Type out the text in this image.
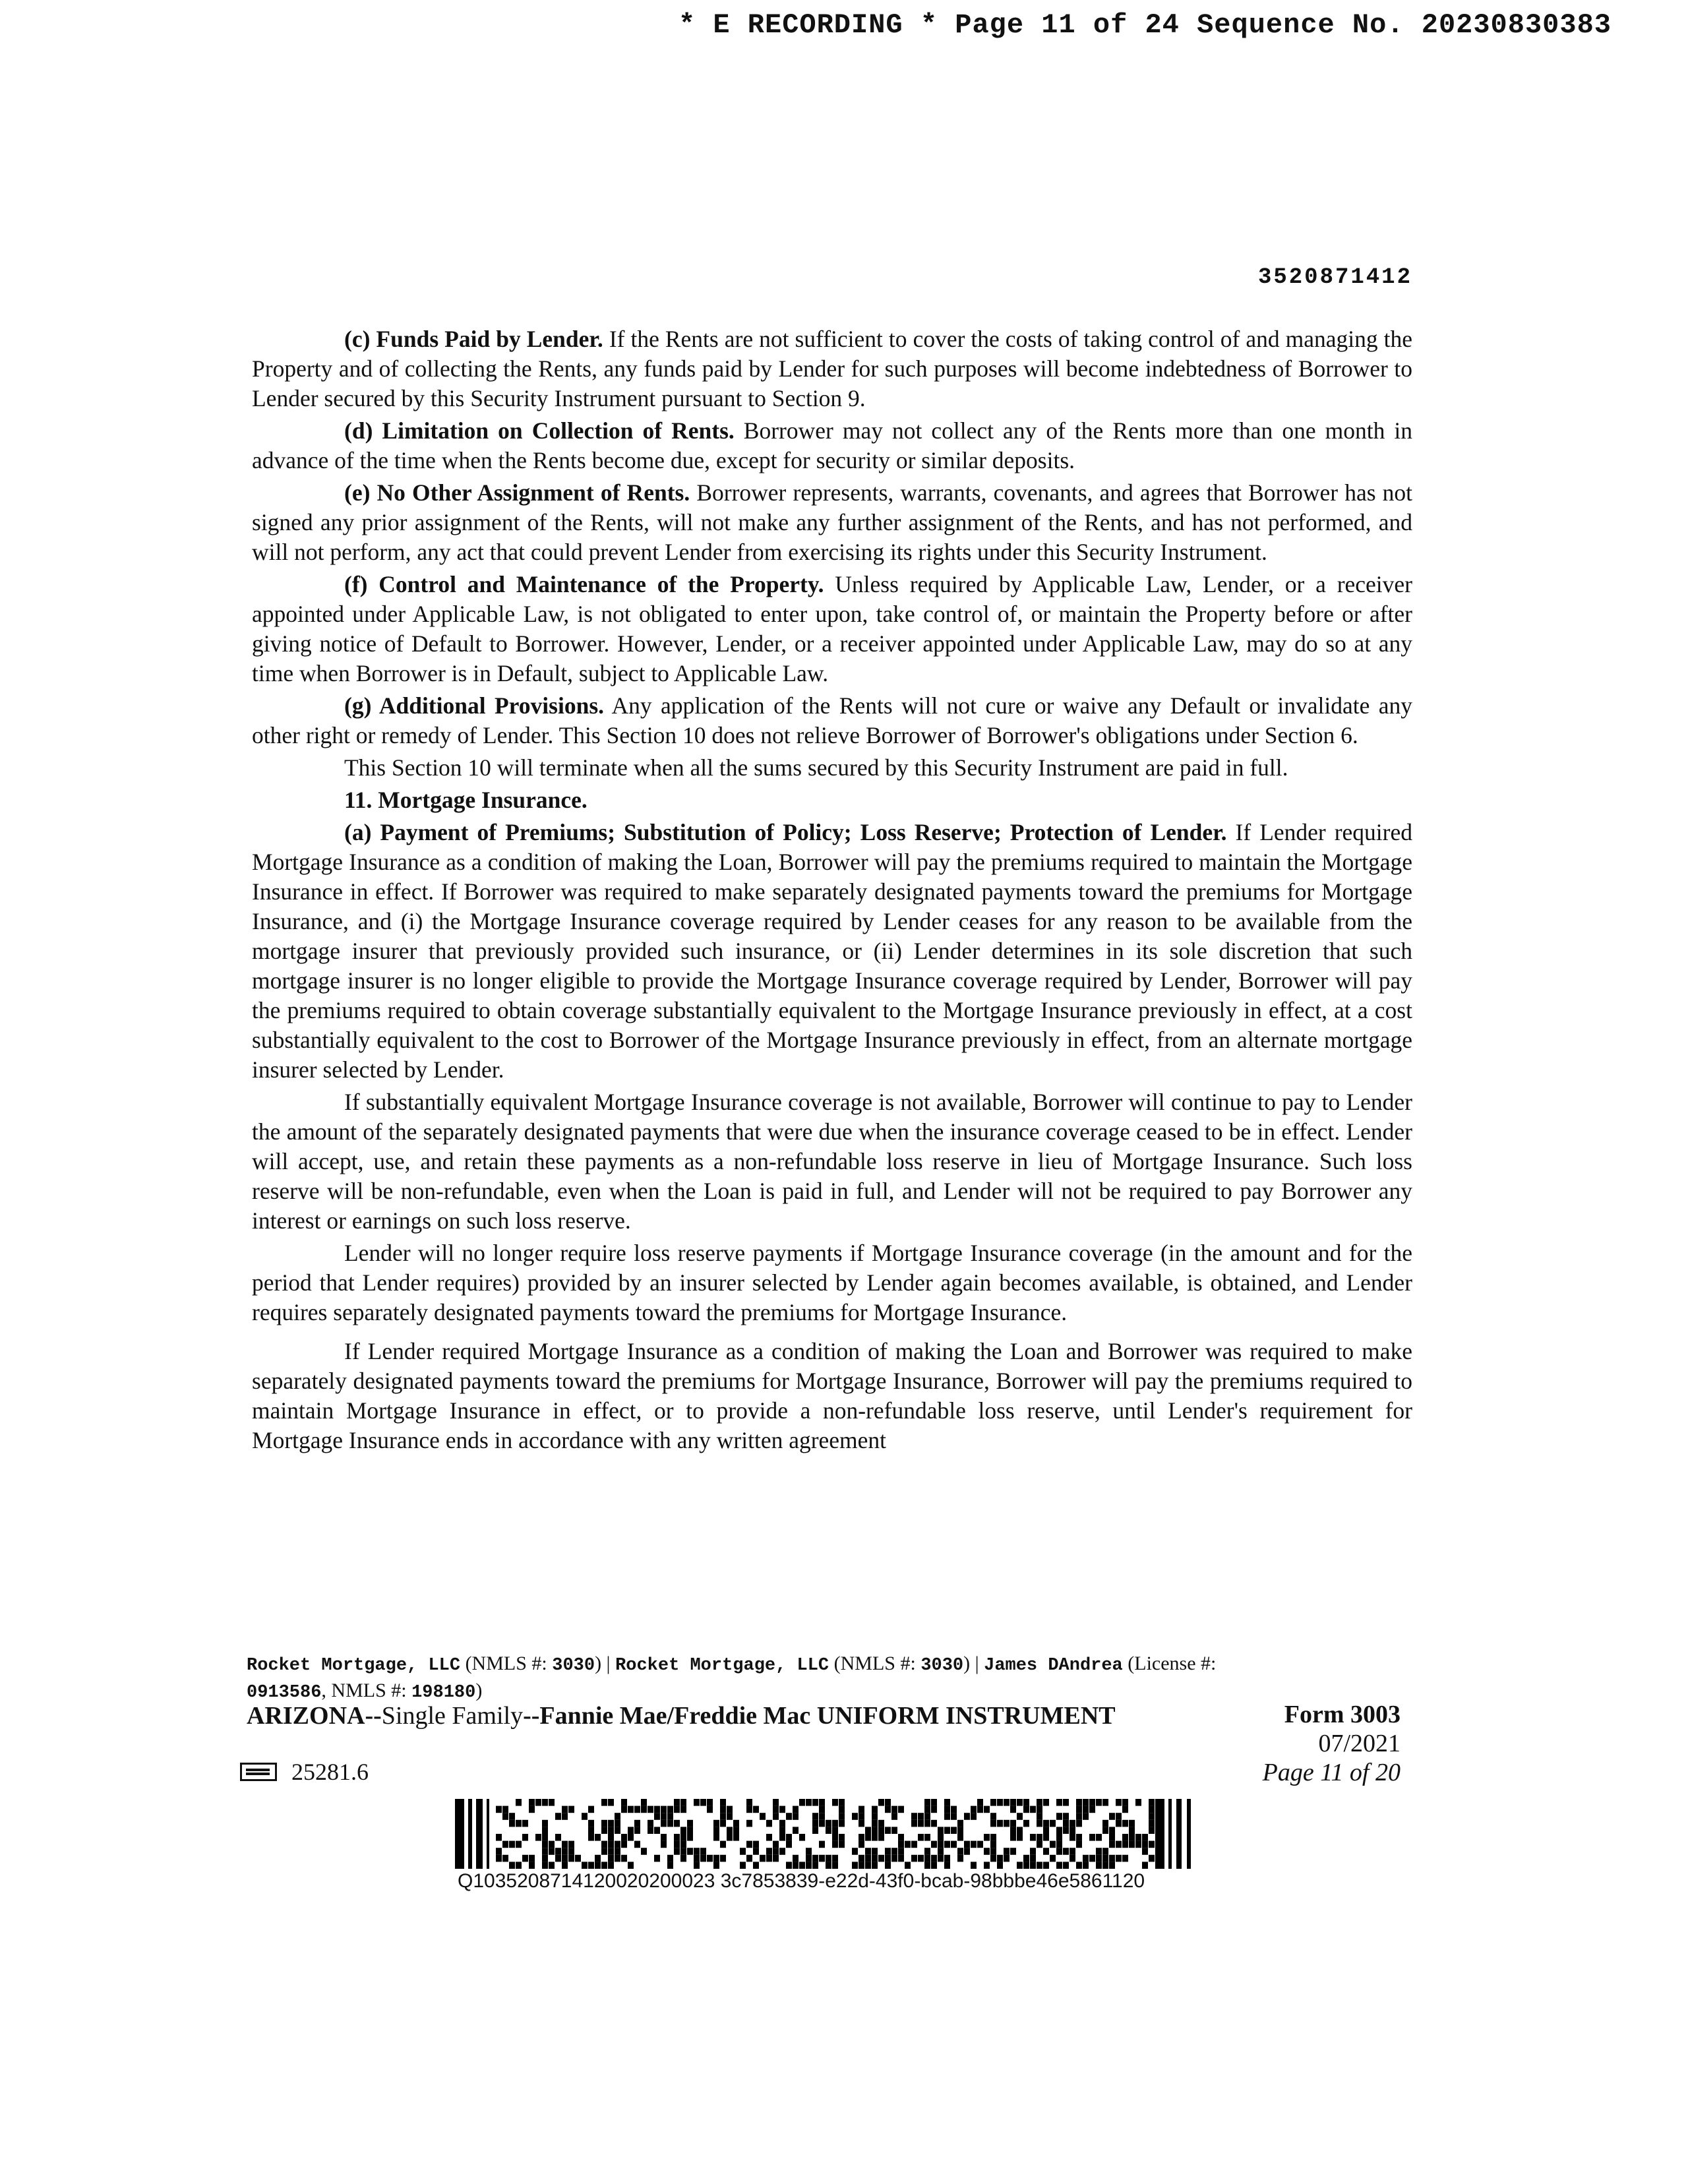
* E RECORDING * Page 11 of 24 Sequence No. 20230830383
3520871412

(c) Funds Paid by Lender. If the Rents are not sufficient to cover the costs of taking control of and managing the Property and of collecting the Rents, any funds paid by Lender for such purposes will become indebtedness of Borrower to Lender secured by this Security Instrument pursuant to Section 9.

(d) Limitation on Collection of Rents. Borrower may not collect any of the Rents more than one month in advance of the time when the Rents become due, except for security or similar deposits.

(e) No Other Assignment of Rents. Borrower represents, warrants, covenants, and agrees that Borrower has not signed any prior assignment of the Rents, will not make any further assignment of the Rents, and has not performed, and will not perform, any act that could prevent Lender from exercising its rights under this Security Instrument.

(f) Control and Maintenance of the Property. Unless required by Applicable Law, Lender, or a receiver appointed under Applicable Law, is not obligated to enter upon, take control of, or maintain the Property before or after giving notice of Default to Borrower. However, Lender, or a receiver appointed under Applicable Law, may do so at any time when Borrower is in Default, subject to Applicable Law.

(g) Additional Provisions. Any application of the Rents will not cure or waive any Default or invalidate any other right or remedy of Lender. This Section 10 does not relieve Borrower of Borrower's obligations under Section 6.

This Section 10 will terminate when all the sums secured by this Security Instrument are paid in full.

11. Mortgage Insurance.

(a) Payment of Premiums; Substitution of Policy; Loss Reserve; Protection of Lender. If Lender required Mortgage Insurance as a condition of making the Loan, Borrower will pay the premiums required to maintain the Mortgage Insurance in effect. If Borrower was required to make separately designated payments toward the premiums for Mortgage Insurance, and (i) the Mortgage Insurance coverage required by Lender ceases for any reason to be available from the mortgage insurer that previously provided such insurance, or (ii) Lender determines in its sole discretion that such mortgage insurer is no longer eligible to provide the Mortgage Insurance coverage required by Lender, Borrower will pay the premiums required to obtain coverage substantially equivalent to the Mortgage Insurance previously in effect, at a cost substantially equivalent to the cost to Borrower of the Mortgage Insurance previously in effect, from an alternate mortgage insurer selected by Lender.

If substantially equivalent Mortgage Insurance coverage is not available, Borrower will continue to pay to Lender the amount of the separately designated payments that were due when the insurance coverage ceased to be in effect. Lender will accept, use, and retain these payments as a non-refundable loss reserve in lieu of Mortgage Insurance. Such loss reserve will be non-refundable, even when the Loan is paid in full, and Lender will not be required to pay Borrower any interest or earnings on such loss reserve.

Lender will no longer require loss reserve payments if Mortgage Insurance coverage (in the amount and for the period that Lender requires) provided by an insurer selected by Lender again becomes available, is obtained, and Lender requires separately designated payments toward the premiums for Mortgage Insurance.

If Lender required Mortgage Insurance as a condition of making the Loan and Borrower was required to make separately designated payments toward the premiums for Mortgage Insurance, Borrower will pay the premiums required to maintain Mortgage Insurance in effect, or to provide a non-refundable loss reserve, until Lender's requirement for Mortgage Insurance ends in accordance with any written agreement

Rocket Mortgage, LLC (NMLS #: 3030) | Rocket Mortgage, LLC (NMLS #: 3030) | James DAndrea (License #:
0913586, NMLS #: 198180)
ARIZONA--Single Family--Fannie Mae/Freddie Mac UNIFORM INSTRUMENT	Form 3003
07/2021
Page 11 of 20
25281.6
Q1035208714120020200023 3c7853839-e22d-43f0-bcab-98bbbe46e5861120
